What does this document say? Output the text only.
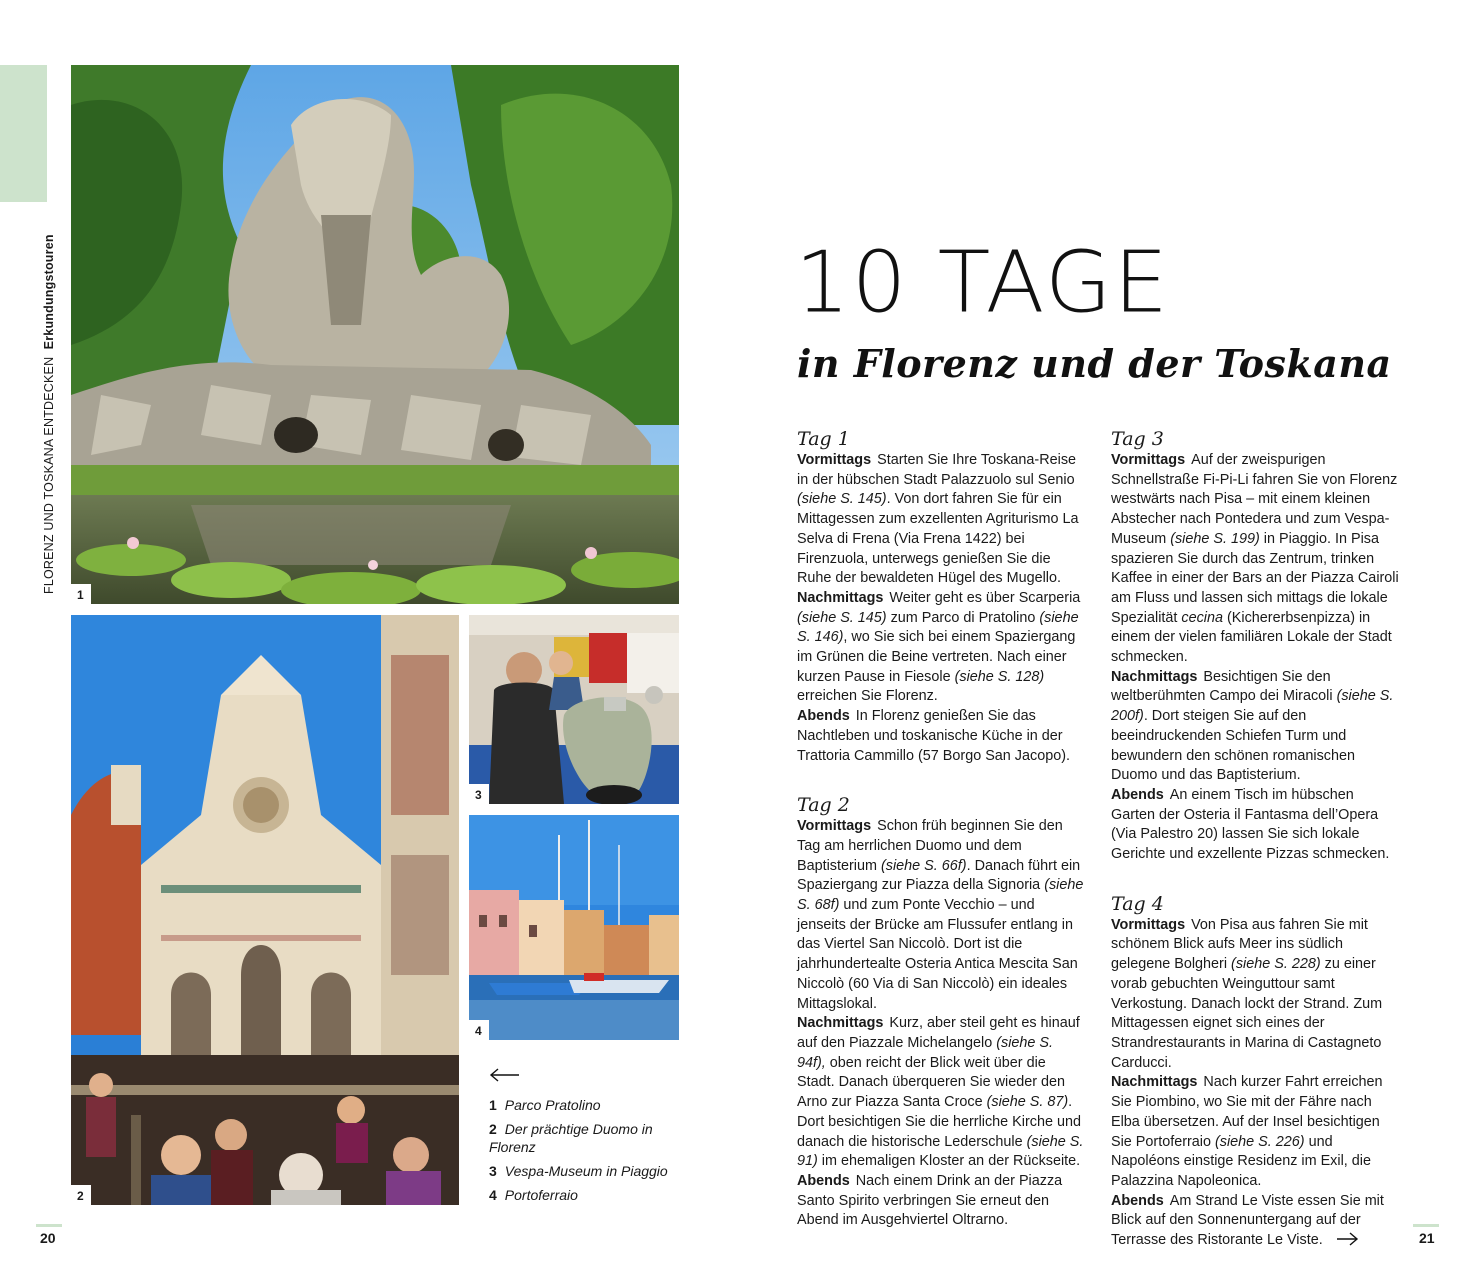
FLORENZ UND TOSKANA ENTDECKEN  Erkundungstouren
1
2
3
4

1 Parco Pratolino

2 Der prächtige Duomo in Florenz

3 Vespa-Museum in Piaggio

4 Portoferraio

20
10 TAGE
in Florenz und der Toskana
Tag 1

Vormittags Starten Sie Ihre Toskana-Reise in der hübschen Stadt Palazzuolo sul Senio (siehe S. 145). Von dort fahren Sie für ein Mittagessen zum exzellenten Agriturismo La Selva di Frena (Via Frena 1422) bei Firenzuola, unterwegs genießen Sie die Ruhe der bewaldeten Hügel des Mugello.

Nachmittags Weiter geht es über Scarperia (siehe S. 145) zum Parco di Pratolino (siehe S. 146), wo Sie sich bei einem Spaziergang im Grünen die Beine vertreten. Nach einer kurzen Pause in Fiesole (siehe S. 128) erreichen Sie Florenz.

Abends In Florenz genießen Sie das Nachtleben und toskanische Küche in der Trattoria Cammillo (57 Borgo San Jacopo).

Tag 2

Vormittags Schon früh beginnen Sie den Tag am herrlichen Duomo und dem Baptisterium (siehe S. 66f). Danach führt ein Spaziergang zur Piazza della Signoria (siehe S. 68f) und zum Ponte Vecchio – und jenseits der Brücke am Flussufer entlang in das Viertel San Niccolò. Dort ist die jahrhundertealte Osteria Antica Mescita San Niccolò (60 Via di San Niccolò) ein ideales Mittagslokal.

Nachmittags Kurz, aber steil geht es hinauf auf den Piazzale Michelangelo (siehe S. 94f), oben reicht der Blick weit über die Stadt. Danach überqueren Sie wieder den Arno zur Piazza Santa Croce (siehe S. 87). Dort besichtigen Sie die herrliche Kirche und danach die historische Lederschule (siehe S. 91) im ehemaligen Kloster an der Rückseite.

Abends Nach einem Drink an der Piazza Santo Spirito verbringen Sie erneut den Abend im Ausgehviertel Oltrarno.

Tag 3

Vormittags Auf der zweispurigen Schnellstraße Fi-Pi-Li fahren Sie von Florenz westwärts nach Pisa – mit einem kleinen Abstecher nach Pontedera und zum Vespa-Museum (siehe S. 199) in Piaggio. In Pisa spazieren Sie durch das Zentrum, trinken Kaffee in einer der Bars an der Piazza Cairoli am Fluss und lassen sich mittags die lokale Spezialität cecina (Kichererbsenpizza) in einem der vielen familiären Lokale der Stadt schmecken.

Nachmittags Besichtigen Sie den weltberühmten Campo dei Miracoli (siehe S. 200f). Dort steigen Sie auf den beeindruckenden Schiefen Turm und bewundern den schönen romanischen Duomo und das Baptisterium.

Abends An einem Tisch im hübschen Garten der Osteria il Fantasma dell’Opera (Via Palestro 20) lassen Sie sich lokale Gerichte und exzellente Pizzas schmecken.

Tag 4

Vormittags Von Pisa aus fahren Sie mit schönem Blick aufs Meer ins südlich gelegene Bolgheri (siehe S. 228) zu einer vorab gebuchten Weinguttour samt Verkostung. Danach lockt der Strand. Zum Mittagessen eignet sich eines der Strandrestaurants in Marina di Castagneto Carducci.

Nachmittags Nach kurzer Fahrt erreichen Sie Piombino, wo Sie mit der Fähre nach Elba übersetzen. Auf der Insel besichtigen Sie Portoferraio (siehe S. 226) und Napoléons einstige Residenz im Exil, die Palazzina Napoleonica.

Abends Am Strand Le Viste essen Sie mit Blick auf den Sonnenuntergang auf der Terrasse des Ristorante Le Viste.	21
